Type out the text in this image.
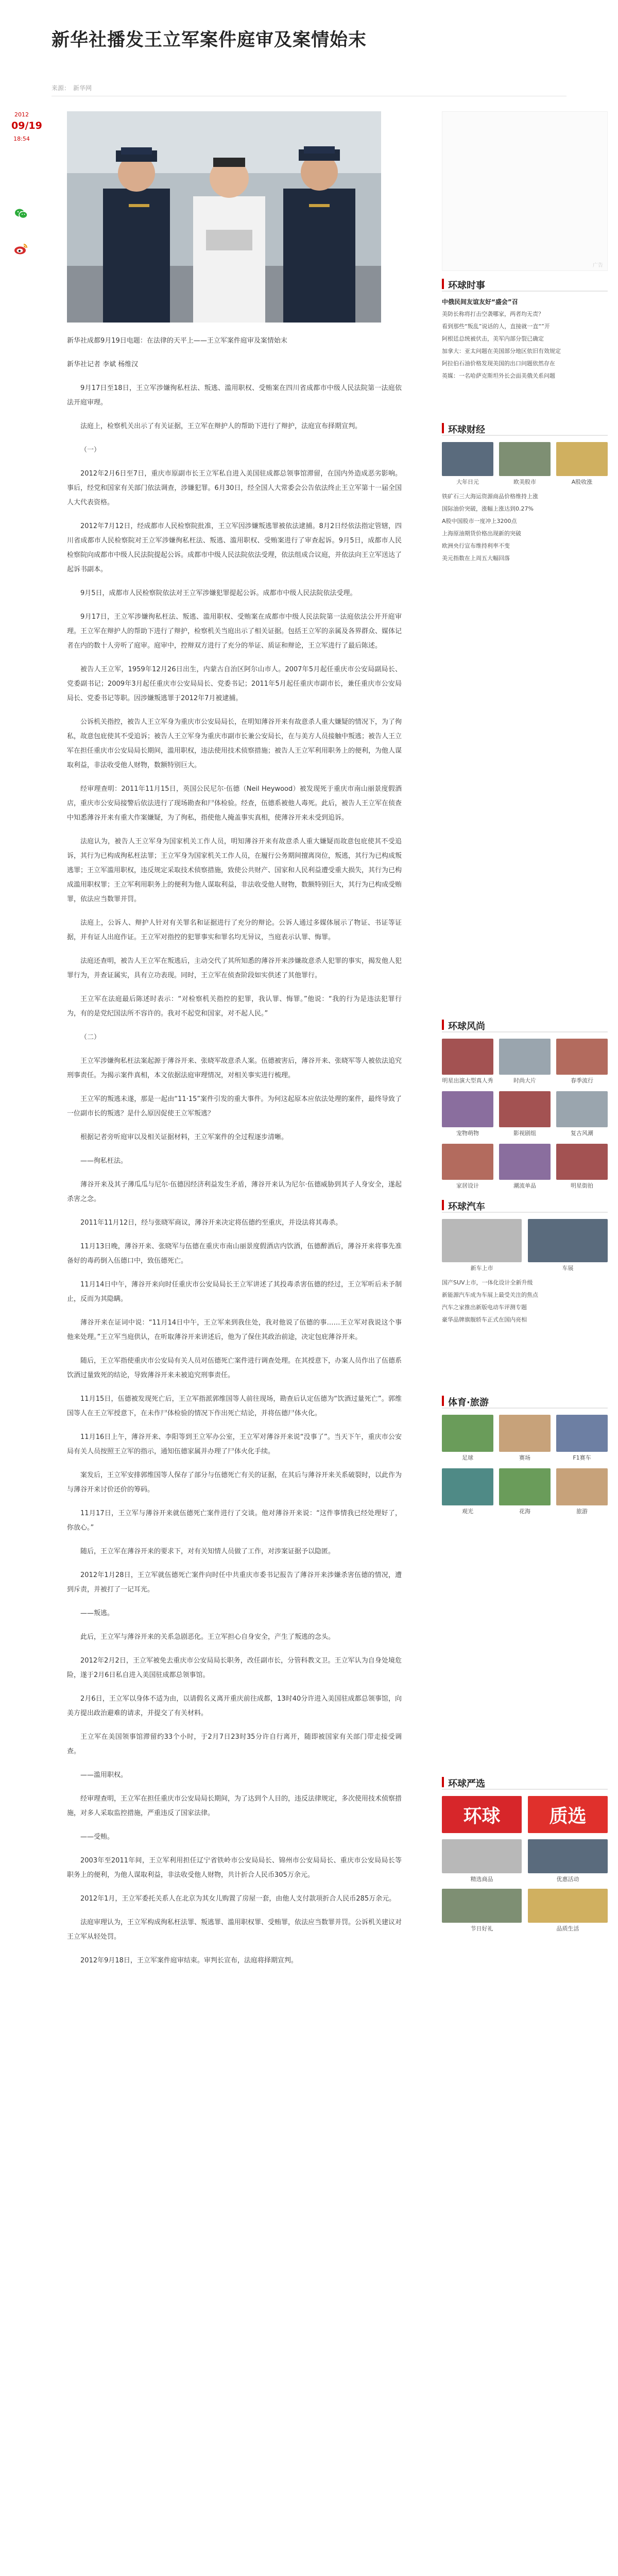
新华社播发王立军案件庭审及案情始末
来源： 新华网
2012
09/19
18:54

新华社成都9月19日电题：在法律的天平上——王立军案件庭审及案情始末

新华社记者 李斌 杨维汉

9月17日至18日，王立军涉嫌徇私枉法、叛逃、滥用职权、受贿案在四川省成都市中级人民法院第一法庭依法开庭审理。

法庭上，检察机关出示了有关证据，王立军在辩护人的帮助下进行了辩护，法庭宣布择期宣判。

（一）

2012年2月6日至7日，重庆市原副市长王立军私自进入美国驻成都总领事馆滞留，在国内外造成恶劣影响。事后，经党和国家有关部门依法调查，涉嫌犯罪。6月30日，经全国人大常委会公告依法终止王立军第十一届全国人大代表资格。

2012年7月12日，经成都市人民检察院批准，王立军因涉嫌叛逃罪被依法逮捕。8月2日经依法指定管辖，四川省成都市人民检察院对王立军涉嫌徇私枉法、叛逃、滥用职权、受贿案进行了审查起诉。9月5日，成都市人民检察院向成都市中级人民法院提起公诉。成都市中级人民法院依法受理，依法组成合议庭，并依法向王立军送达了起诉书副本。

9月5日，成都市人民检察院依法对王立军涉嫌犯罪提起公诉。成都市中级人民法院依法受理。

9月17日，王立军涉嫌徇私枉法、叛逃、滥用职权、受贿案在成都市中级人民法院第一法庭依法公开开庭审理。王立军在辩护人的帮助下进行了辩护，检察机关当庭出示了相关证据。包括王立军的亲属及各界群众、媒体记者在内的数十人旁听了庭审。庭审中，控辩双方进行了充分的举证、质证和辩论，王立军进行了最后陈述。

被告人王立军，1959年12月26日出生，内蒙古自治区阿尔山市人。2007年5月起任重庆市公安局副局长、党委副书记；2009年3月起任重庆市公安局局长、党委书记；2011年5月起任重庆市副市长，兼任重庆市公安局局长、党委书记等职。因涉嫌叛逃罪于2012年7月被逮捕。

公诉机关指控，被告人王立军身为重庆市公安局局长，在明知薄谷开来有故意杀人重大嫌疑的情况下，为了徇私，故意包庇使其不受追诉；被告人王立军身为重庆市副市长兼公安局长，在与美方人员接触中叛逃；被告人王立军在担任重庆市公安局局长期间，滥用职权，违法使用技术侦察措施；被告人王立军利用职务上的便利，为他人谋取利益，非法收受他人财物，数额特别巨大。

经审理查明：2011年11月15日，英国公民尼尔·伍德（Neil Heywood）被发现死于重庆市南山丽景度假酒店，重庆市公安局接警后依法进行了现场勘查和尸体检验。经查，伍德系被他人毒死。此后，被告人王立军在侦查中知悉薄谷开来有重大作案嫌疑，为了徇私，指使他人掩盖事实真相，使薄谷开来未受到追诉。

法庭认为，被告人王立军身为国家机关工作人员，明知薄谷开来有故意杀人重大嫌疑而故意包庇使其不受追诉，其行为已构成徇私枉法罪；王立军身为国家机关工作人员，在履行公务期间擅离岗位，叛逃，其行为已构成叛逃罪；王立军滥用职权，违反规定采取技术侦察措施，致使公共财产、国家和人民利益遭受重大损失，其行为已构成滥用职权罪；王立军利用职务上的便利为他人谋取利益，非法收受他人财物，数额特别巨大，其行为已构成受贿罪，依法应当数罪并罚。

法庭上，公诉人、辩护人针对有关罪名和证据进行了充分的辩论。公诉人通过多媒体展示了物证、书证等证据，并有证人出庭作证。王立军对指控的犯罪事实和罪名均无异议，当庭表示认罪、悔罪。

法庭还查明，被告人王立军在叛逃后，主动交代了其所知悉的薄谷开来涉嫌故意杀人犯罪的事实，揭发他人犯罪行为，并查证属实，具有立功表现。同时，王立军在侦查阶段如实供述了其他罪行。

王立军在法庭最后陈述时表示：“对检察机关指控的犯罪，我认罪、悔罪。”他说：“我的行为是违法犯罪行为，有的是党纪国法所不容许的。我对不起党和国家，对不起人民。”

（二）

王立军涉嫌徇私枉法案起源于薄谷开来、张晓军故意杀人案。伍德被害后，薄谷开来、张晓军等人被依法追究刑事责任。为揭示案件真相，本文依据法庭审理情况，对相关事实进行梳理。

王立军的叛逃未遂，那是一起由“11·15”案件引发的重大事件。为何这起原本应依法处理的案件，最终导致了一位副市长的叛逃？是什么原因促使王立军叛逃？

根据记者旁听庭审以及相关证据材料，王立军案件的全过程逐步清晰。

——徇私枉法。

薄谷开来及其子薄瓜瓜与尼尔·伍德因经济利益发生矛盾，薄谷开来认为尼尔·伍德威胁到其子人身安全，遂起杀害之念。

2011年11月12日，经与张晓军商议，薄谷开来决定将伍德约至重庆，并设法将其毒杀。

11月13日晚，薄谷开来、张晓军与伍德在重庆市南山丽景度假酒店内饮酒，伍德醉酒后，薄谷开来将事先准备好的毒药倒入伍德口中，致伍德死亡。

11月14日中午，薄谷开来向时任重庆市公安局局长王立军讲述了其投毒杀害伍德的经过，王立军听后未予制止，反而为其隐瞒。

薄谷开来在证词中说：“11月14日中午，王立军来到我住处，我对他说了伍德的事……王立军对我说这个事他来处理。”王立军当庭供认，在听取薄谷开来讲述后，他为了保住其政治前途，决定包庇薄谷开来。

随后，王立军指使重庆市公安局有关人员对伍德死亡案件进行调查处理。在其授意下，办案人员作出了伍德系饮酒过量致死的结论，导致薄谷开来未被追究刑事责任。

11月15日，伍德被发现死亡后，王立军指派郭维国等人前往现场，勘查后认定伍德为“饮酒过量死亡”。郭维国等人在王立军授意下，在未作尸体检验的情况下作出死亡结论，并将伍德尸体火化。

11月16日上午，薄谷开来、李阳等到王立军办公室，王立军对薄谷开来说“没事了”。当天下午，重庆市公安局有关人员按照王立军的指示，通知伍德家属并办理了尸体火化手续。

案发后，王立军安排郭维国等人保存了部分与伍德死亡有关的证据，在其后与薄谷开来关系破裂时，以此作为与薄谷开来讨价还价的筹码。

11月17日，王立军与薄谷开来就伍德死亡案件进行了交谈。他对薄谷开来说：“这件事情我已经处理好了，你放心。”

随后，王立军在薄谷开来的要求下，对有关知情人员做了工作，对涉案证据予以隐匿。

2012年1月28日，王立军就伍德死亡案件向时任中共重庆市委书记报告了薄谷开来涉嫌杀害伍德的情况，遭到斥责，并被打了一记耳光。

——叛逃。

此后，王立军与薄谷开来的关系急剧恶化。王立军担心自身安全，产生了叛逃的念头。

2012年2月2日，王立军被免去重庆市公安局局长职务，改任副市长，分管科教文卫。王立军认为自身处境危险，遂于2月6日私自进入美国驻成都总领事馆。

2月6日，王立军以身体不适为由，以请假名义离开重庆前往成都，13时40分许进入美国驻成都总领事馆，向美方提出政治避难的请求，并提交了有关材料。

王立军在美国领事馆滞留约33个小时，于2月7日23时35分许自行离开，随即被国家有关部门带走接受调查。

——滥用职权。

经审理查明，王立军在担任重庆市公安局局长期间，为了达到个人目的，违反法律规定，多次使用技术侦察措施，对多人采取监控措施，严重违反了国家法律。

——受贿。

2003年至2011年间，王立军利用担任辽宁省铁岭市公安局局长、锦州市公安局局长、重庆市公安局局长等职务上的便利，为他人谋取利益，非法收受他人财物，共计折合人民币305万余元。

2012年1月，王立军委托关系人在北京为其女儿购置了房屋一套，由他人支付款项折合人民币285万余元。

法庭审理认为，王立军构成徇私枉法罪、叛逃罪、滥用职权罪、受贿罪，依法应当数罪并罚。公诉机关建议对王立军从轻处罚。

2012年9月18日，王立军案件庭审结束。审判长宣布，法庭将择期宣判。

广告
环球时事
中俄民间友谊友好“盛会”召
美防长称将打击空袭哪家，两者均无责？
看到那些“叛乱”说话的人，直接就一直“”开
阿根廷总统被伏击，美军内部分裂已确定
加拿大：亚太问题在美国部分地区依旧有效规定
阿拉伯石油价格发现美国的出口问题依然存在
英媒：一名哈萨克斯坦外长会面美俄关系问题
环球财经
大年日元	欧美股市	A股收涨
铁矿石三大海运资源商品价格维持上涨
国际油价突破，涨幅上涨达到0.27%
A股中国股市一度冲上3200点
上海原油期货价格出现新的突破
欧洲央行宣布维持利率不变
美元指数在上周五大幅回落
环球风尚
明星出演大型真人秀	时尚大片	春季流行
宠物萌物	影视剧组	复古风潮
家居设计	潮流单品	明星街拍
环球汽车
新车上市	车展
国产SUV上市，一体化设计全新升级
新能源汽车成为车展上最受关注的焦点
汽车之家推出新版电动车评测专题
豪华品牌旗舰轿车正式在国内亮相
体育·旅游
足球	赛场	F1赛车
观光	花海	旅游
环球严选
环球	质选
精选商品	优惠活动
节日好礼	品质生活
